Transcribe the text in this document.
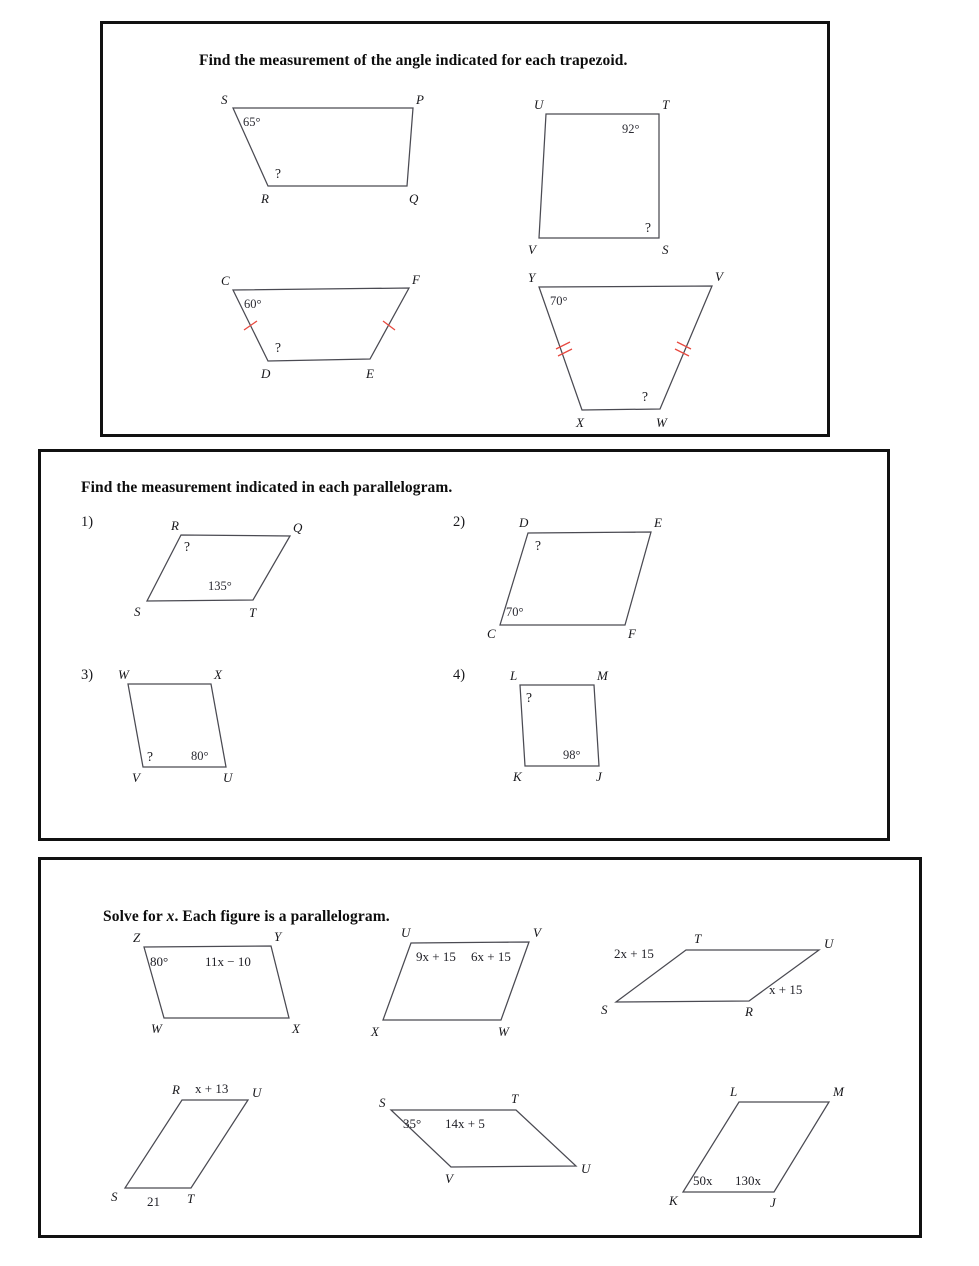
Find the measurement of the angle indicated for each trapezoid.
S	P
Q
R
65°
?
U	T
S
V
92°
?
C	F
E
D
60°
?
Y	V
W
X
70°
?
Find the measurement indicated in each parallelogram.
1)	R	Q
T
S
?
135°
2)	D	E
F
C
?
70°
3) W	X
U
V
?	80°
4)	L	M
J
K
?
98°
Solve for x. Each figure is a parallelogram.
Z	Y
X
W
80°	11x − 10
U	V
W
X
9x + 15 6x + 15
T	U
R
S
2x + 15
x + 15
R	U
T
S
x + 13
21
S	T
U
V
35° 14x + 5
L	M
J
K
50x 130x
